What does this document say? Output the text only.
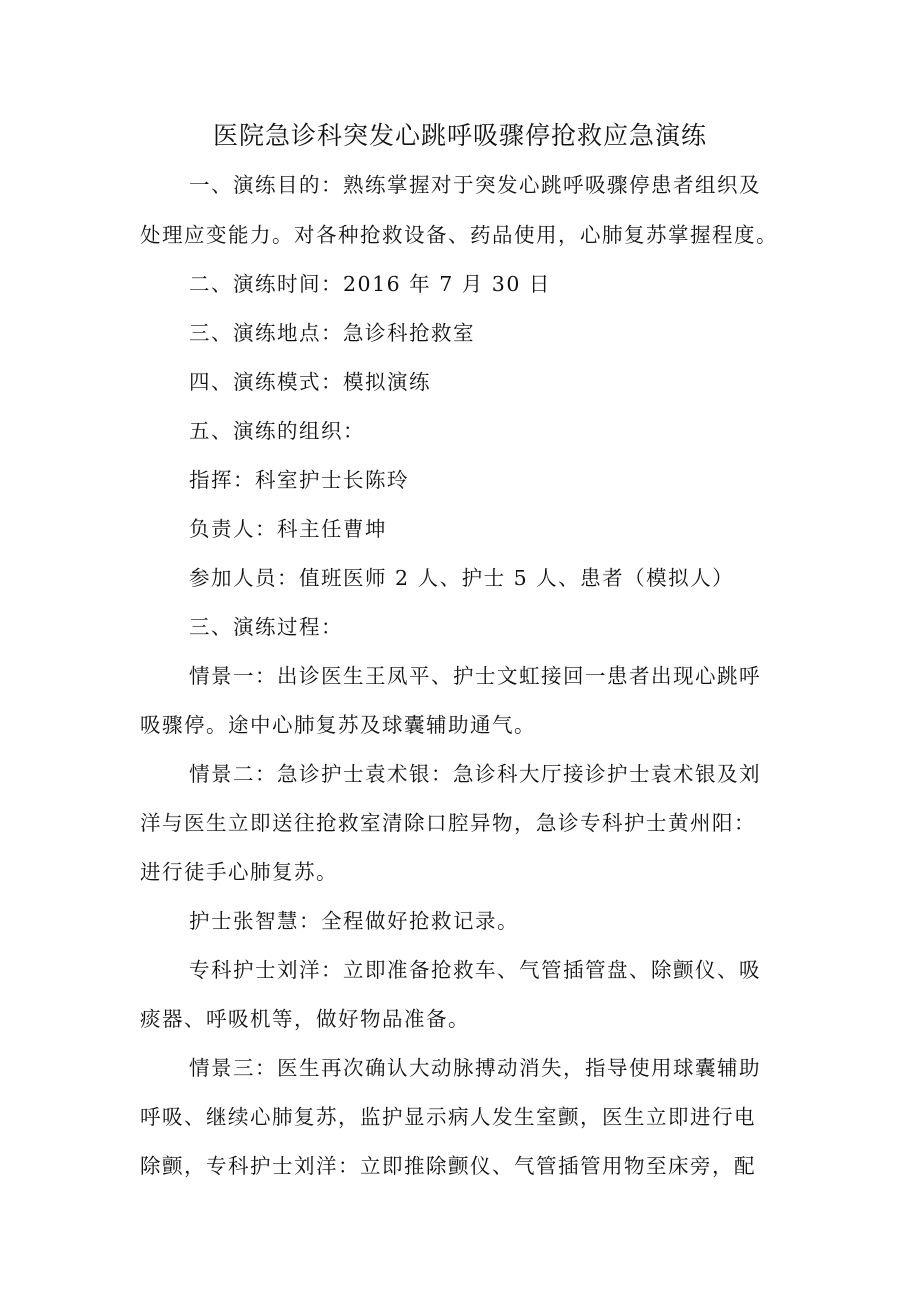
医院急诊科突发心跳呼吸骤停抢救应急演练
一、演练目的：熟练掌握对于突发心跳呼吸骤停患者组织及
处理应变能力。对各种抢救设备、药品使用，心肺复苏掌握程度。
二、演练时间：2016 年 7 月 30 日
三、演练地点：急诊科抢救室
四、演练模式：模拟演练
五、演练的组织：
指挥：科室护士长陈玲
负责人：科主任曹坤
参加人员：值班医师 2 人、护士 5 人、患者（模拟人）
三、演练过程：
情景一：出诊医生王凤平、护士文虹接回一患者出现心跳呼
吸骤停。途中心肺复苏及球囊辅助通气。
情景二：急诊护士袁术银：急诊科大厅接诊护士袁术银及刘
洋与医生立即送往抢救室清除口腔异物，急诊专科护士黄州阳：
进行徒手心肺复苏。
护士张智慧：全程做好抢救记录。
专科护士刘洋：立即准备抢救车、气管插管盘、除颤仪、吸
痰器、呼吸机等，做好物品准备。
情景三：医生再次确认大动脉搏动消失，指导使用球囊辅助
呼吸、继续心肺复苏，监护显示病人发生室颤，医生立即进行电
除颤，专科护士刘洋：立即推除颤仪、气管插管用物至床旁，配
